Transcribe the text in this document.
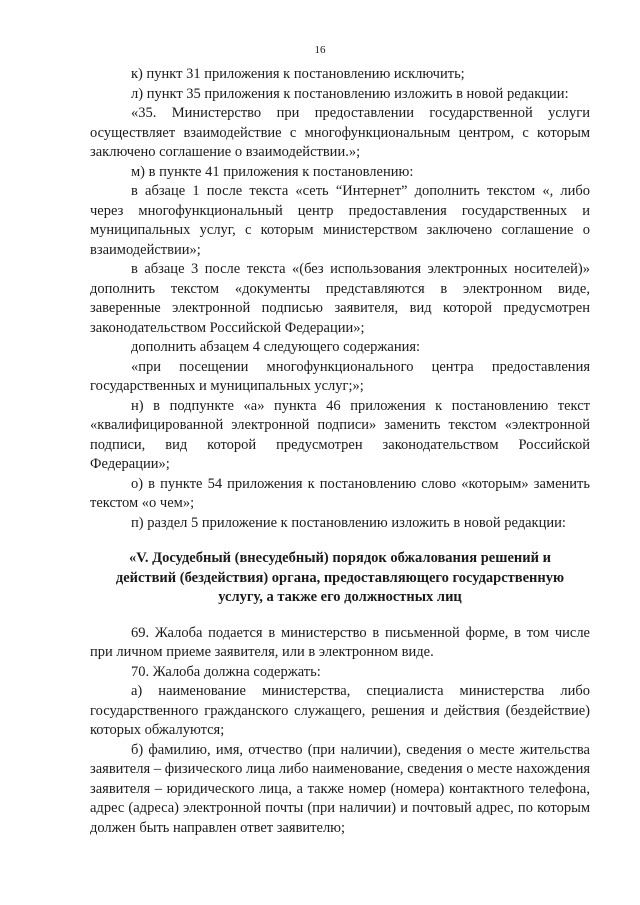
16

к) пункт 31 приложения к постановлению исключить;

л) пункт 35 приложения к постановлению изложить в новой редакции:

«35. Министерство при предоставлении государственной услуги осуществляет взаимодействие с многофункциональным центром, с которым заключено соглашение о взаимодействии.»;

м) в пункте 41 приложения к постановлению:

в абзаце 1 после текста «сеть “Интернет” дополнить текстом «, либо через многофункциональный центр предоставления государственных и муниципальных услуг, с которым министерством заключено соглашение о взаимодействии»;

в абзаце 3 после текста «(без использования электронных носителей)» дополнить текстом «документы представляются в электронном виде, заверенные электронной подписью заявителя, вид которой предусмотрен законодательством Российской Федерации»;

дополнить абзацем 4 следующего содержания:

«при посещении многофункционального центра предоставления государственных и муниципальных услуг;»;

н) в подпункте «а» пункта 46 приложения к постановлению текст «квалифицированной электронной подписи» заменить текстом «электронной подписи, вид которой предусмотрен законодательством Российской Федерации»;

о) в пункте 54 приложения к постановлению слово «которым» заменить текстом «о чем»;

п) раздел 5 приложение к постановлению изложить в новой редакции:

«V. Досудебный (внесудебный) порядок обжалования решений и действий (бездействия) органа, предоставляющего государственную услугу, а также его должностных лиц

69. Жалоба подается в министерство в письменной форме, в том числе при личном приеме заявителя, или в электронном виде.

70. Жалоба должна содержать:

а) наименование министерства, специалиста министерства либо государственного гражданского служащего, решения и действия (бездействие) которых обжалуются;

б) фамилию, имя, отчество (при наличии), сведения о месте жительства заявителя – физического лица либо наименование, сведения о месте нахождения заявителя – юридического лица, а также номер (номера) контактного телефона, адрес (адреса) электронной почты (при наличии) и почтовый адрес, по которым должен быть направлен ответ заявителю;
